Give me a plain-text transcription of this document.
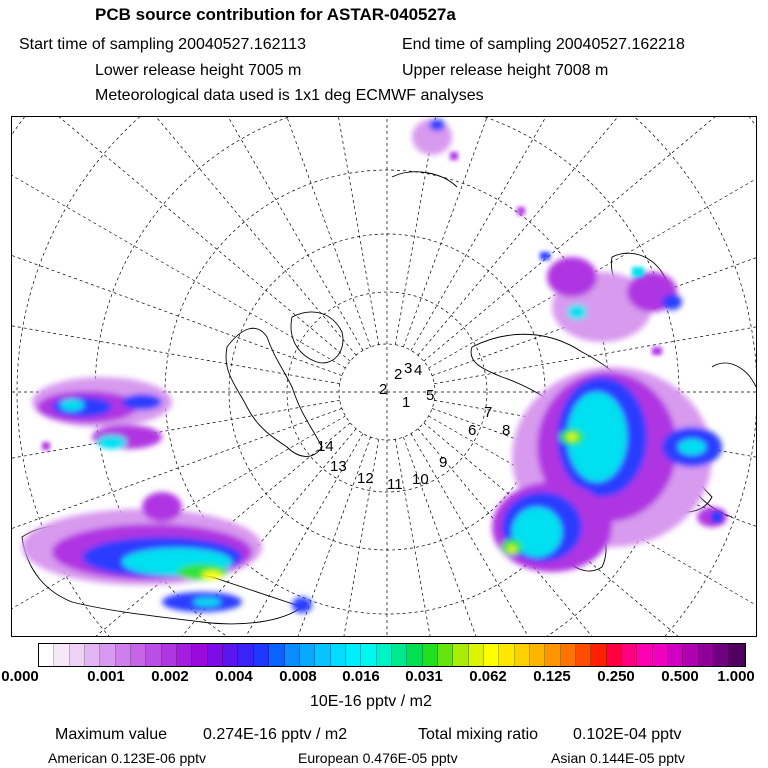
PCB source contribution for ASTAR-040527a
Start time of sampling 20040527.162113	End time of sampling 20040527.162218
Lower release height 7005 m	Upper release height 7008 m
Meteorological data used is 1x1 deg ECMWF analyses
2 3 4
2
1 5
6
7
8
9
10
11
12
13
14
0.000	0.001 0.002 0.004 0.008 0.016 0.031 0.062 0.125 0.250 0.500 1.000
10E-16 pptv / m2
Maximum value 0.274E-16 pptv / m2	Total mixing ratio 0.102E-04 pptv
American 0.123E-06 pptv	European 0.476E-05 pptv	Asian 0.144E-05 pptv
